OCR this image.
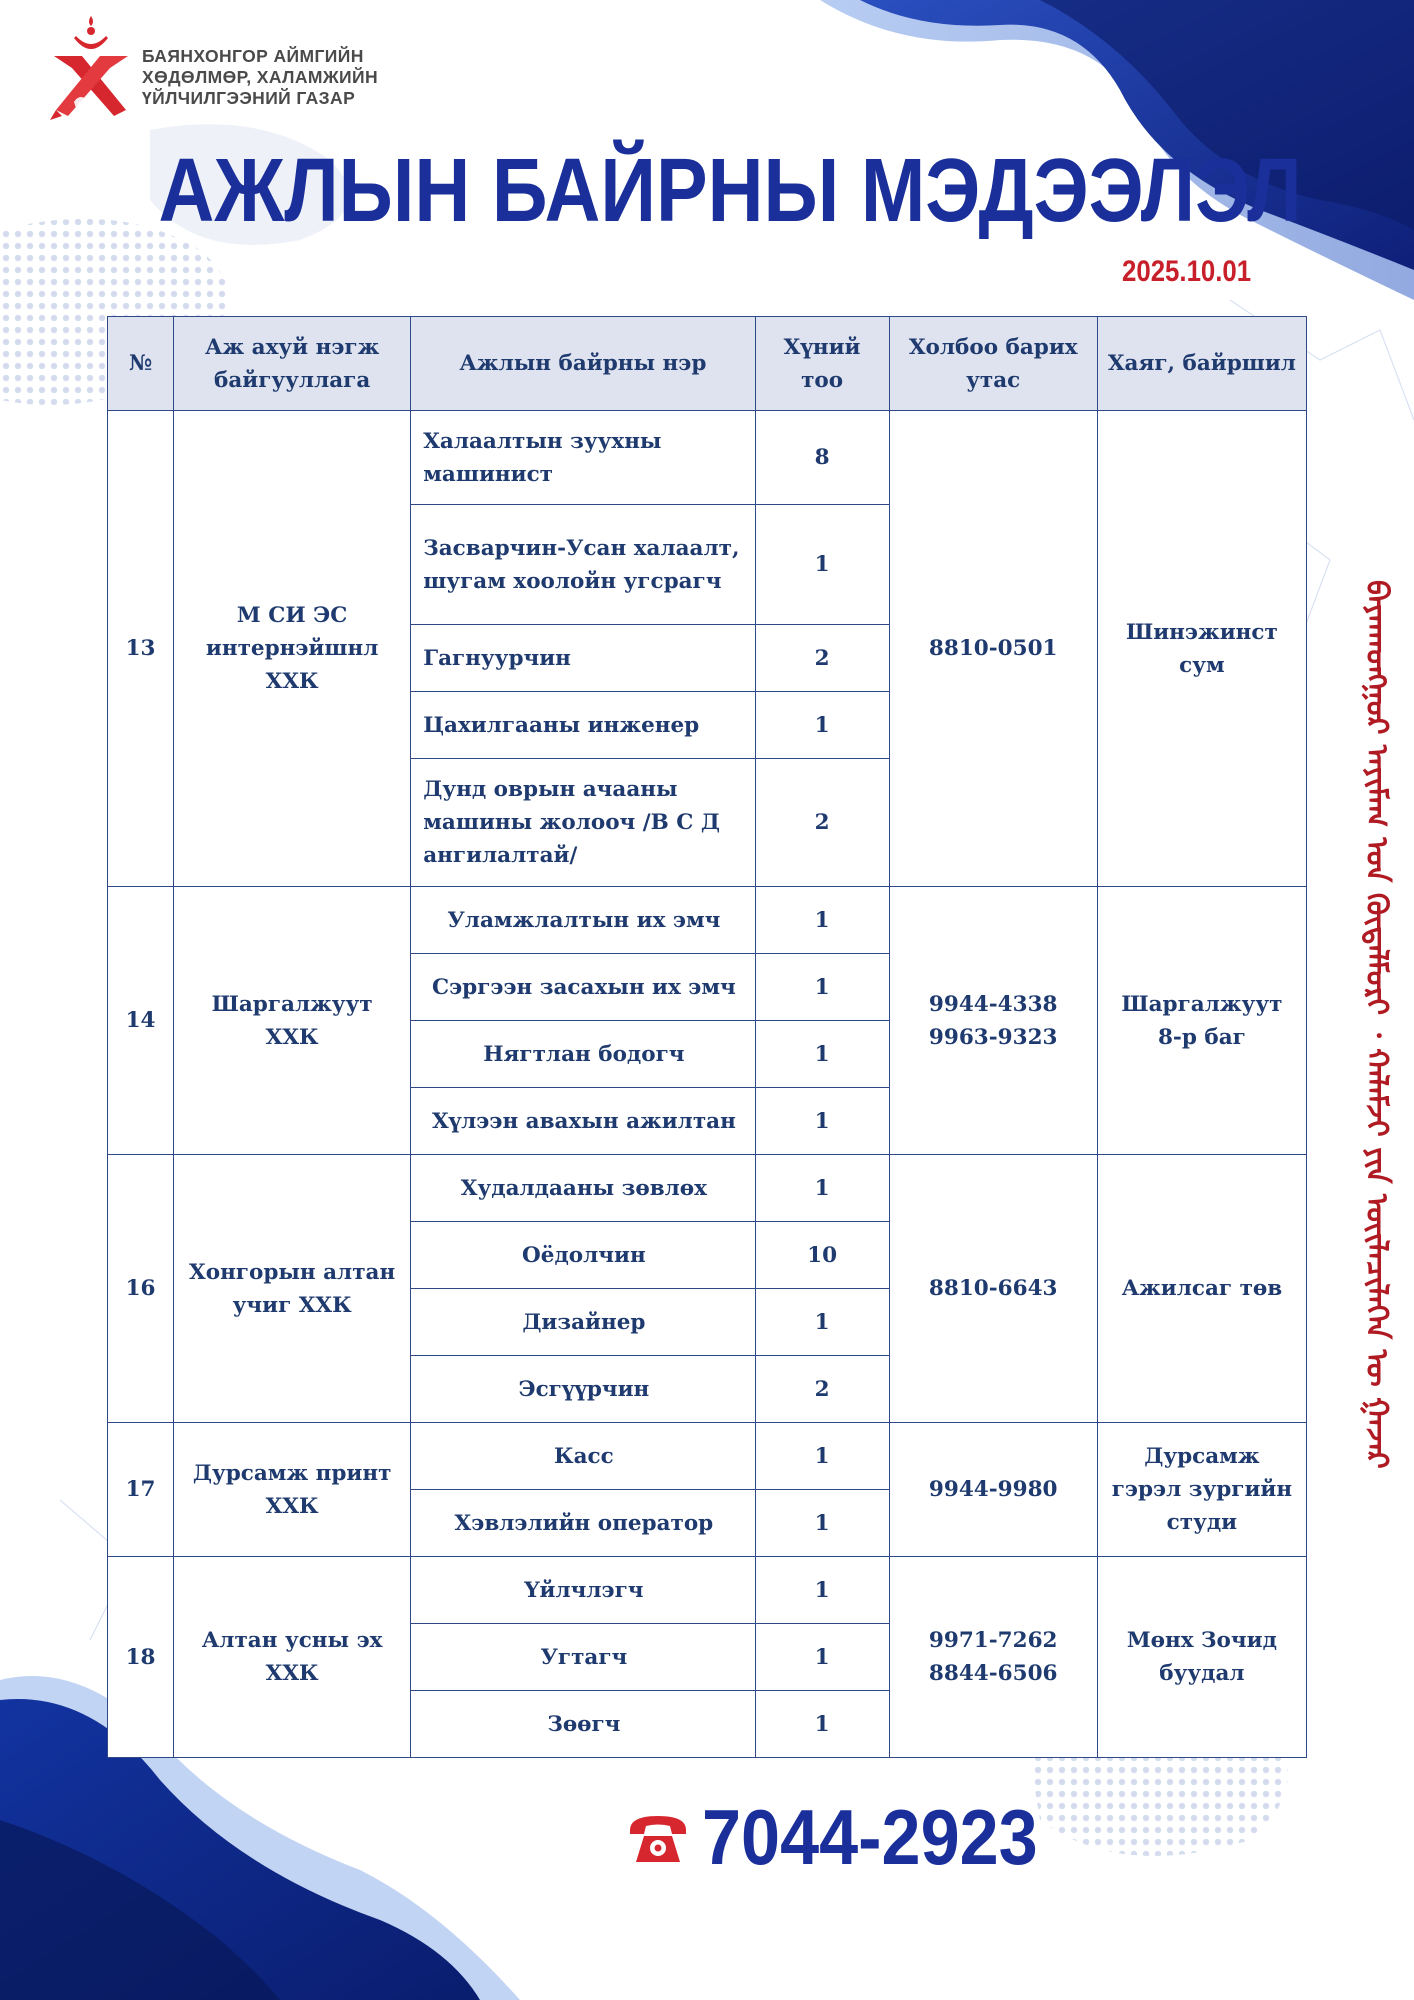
БАЯНХОНГОР АЙМГИЙН
ХӨДӨЛМӨР, ХАЛАМЖИЙН
ҮЙЛЧИЛГЭЭНИЙ ГАЗАР
АЖЛЫН БАЙРНЫ МЭДЭЭЛЭЛ
2025.10.01
№	Аж ахуй нэгж байгууллага	Ажлын байрны нэр	Хүний тоо	Холбоо барих утас	Хаяг, байршил
13	М СИ ЭС интернэйшнл ХХК	Халаалтын зуухны машинист	8	8810-0501	Шинэжинст сум
		Засварчин-Усан халаалт, шугам хоолойн угсрагч	1		
		Гагнуурчин	2		
		Цахилгааны инженер	1		
		Дунд оврын ачааны машины жолооч /В С Д ангилалтай/	2		
14	Шаргалжуут ХХК	Уламжлалтын их эмч	1	9944-4338 9963-9323	Шаргалжуут 8-р баг
		Сэргээн засахын их эмч	1		
		Нягтлан бодогч	1		
		Хүлээн авахын ажилтан	1		
16	Хонгорын алтан учиг ХХК	Худалдааны зөвлөх	1	8810-6643	Ажилсаг төв
		Оёдолчин	10		
		Дизайнер	1		
		Эсгүүрчин	2		
17	Дурсамж принт ХХК	Касс	1	9944-9980	Дурсамж гэрэл зургийн студи
		Хэвлэлийн оператор	1		
18	Алтан усны эх ХХК	Үйлчлэгч	1	9971-7262 8844-6506	Мөнх Зочид буудал
		Угтагч	1		
		Зөөгч	1		
ᠪᠠᠶᠠᠨᠬᠣᠩᠭᠤᠷ ᠠᠶᠢᠮᠠᠭ ᠤᠨ ᠬᠥᠳᠡᠯᠮᠦᠷᠢ ᠂ ᠬᠠᠯᠠᠮᠵᠢ ᠶᠢᠨ ᠦᠢᠯᠡᠴᠢᠯᠡᠭᠡᠨ ᠦ ᠭᠠᠵᠠᠷ
7044-2923
